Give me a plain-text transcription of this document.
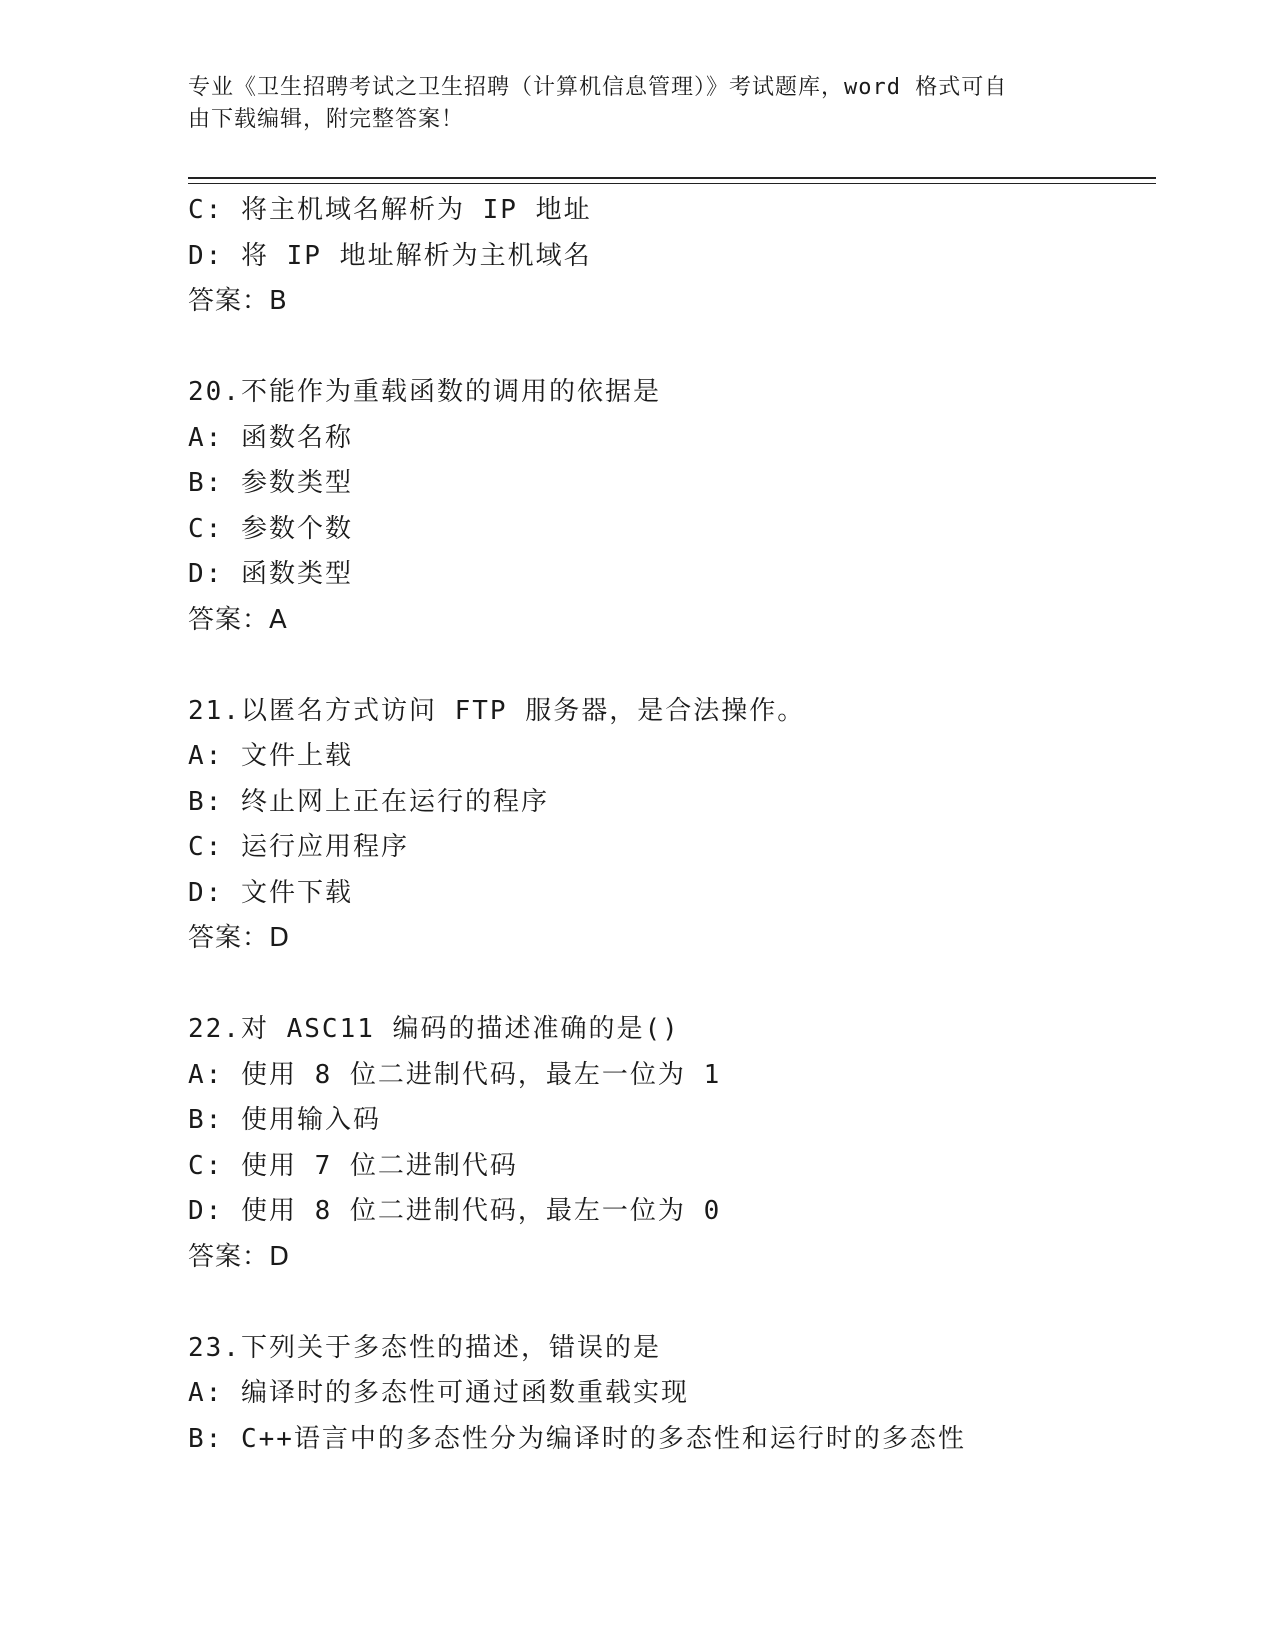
专业《卫生招聘考试之卫生招聘（计算机信息管理）》考试题库，word 格式可自
由下载编辑，附完整答案！
C: 将主机域名解析为 IP 地址
D: 将 IP 地址解析为主机域名
答案：B
20.不能作为重载函数的调用的依据是
A: 函数名称
B: 参数类型
C: 参数个数
D: 函数类型
答案：A
21.以匿名方式访问 FTP 服务器，是合法操作。
A: 文件上载
B: 终止网上正在运行的程序
C: 运行应用程序
D: 文件下载
答案：D
22.对 ASC11 编码的描述准确的是()
A: 使用 8 位二进制代码，最左一位为 1
B: 使用输入码
C: 使用 7 位二进制代码
D: 使用 8 位二进制代码，最左一位为 0
答案：D
23.下列关于多态性的描述，错误的是
A: 编译时的多态性可通过函数重载实现
B: C++语言中的多态性分为编译时的多态性和运行时的多态性
